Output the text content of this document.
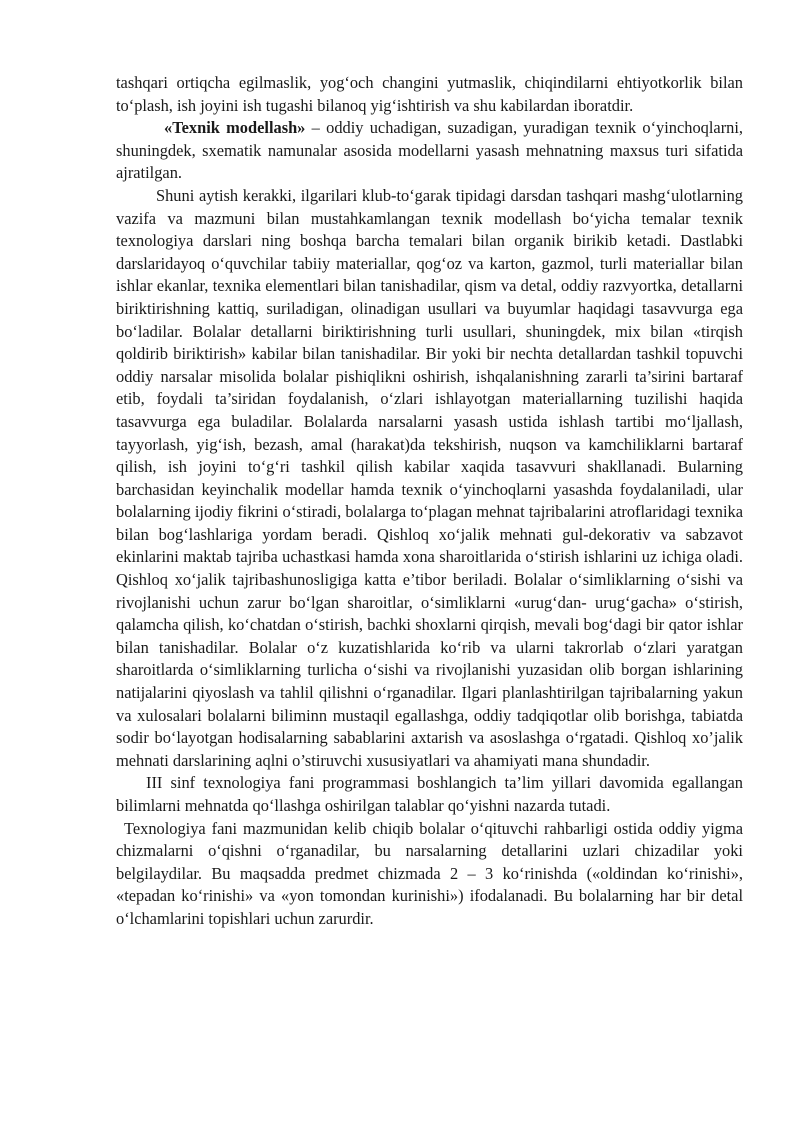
tashqari ortiqcha egilmaslik, yog‘och changini yutmaslik, chiqindilarni ehtiyotkorlik bilan to‘plash, ish joyini ish tugashi bilanoq yig‘ishtirish va shu kabilardan iboratdir.

«Texnik modellash» – oddiy uchadigan, suzadigan, yuradigan texnik o‘yinchoqlarni, shuningdek, sxematik namunalar asosida modellarni yasash mehnatning maxsus turi sifatida ajratilgan.

Shuni aytish kerakki, ilgarilari klub-to‘garak tipidagi darsdan tashqari mashg‘ulotlarning vazifa va mazmuni bilan mustahkamlangan texnik modellash bo‘yicha temalar texnik texnologiya darslari ning boshqa barcha temalari bilan organik birikib ketadi. Dastlabki darslaridayoq o‘quvchilar tabiiy materiallar, qog‘oz va karton, gazmol, turli materiallar bilan ishlar ekanlar, texnika elementlari bilan tanishadilar, qism va detal, oddiy razvyortka, detallarni biriktirishning kattiq, suriladigan, olinadigan usullari va buyumlar haqidagi tasavvurga ega bo‘ladilar. Bolalar detallarni biriktirishning turli usullari, shuningdek, mix bilan «tirqish qoldirib biriktirish» kabilar bilan tanishadilar. Bir yoki bir nechta detallardan tashkil topuvchi oddiy narsalar misolida bolalar pishiqlikni oshirish, ishqalanishning zararli ta’sirini bartaraf etib, foydali ta’siridan foydalanish, o‘zlari ishlayotgan materiallarning tuzilishi haqida tasavvurga ega buladilar. Bolalarda narsalarni yasash ustida ishlash tartibi mo‘ljallash, tayyorlash, yig‘ish, bezash, amal (harakat)da tekshirish, nuqson va kamchiliklarni bartaraf qilish, ish joyini to‘g‘ri tashkil qilish kabilar xaqida tasavvuri shakllanadi. Bularning barchasidan keyinchalik modellar hamda texnik o‘yinchoqlarni yasashda foydalaniladi, ular bolalarning ijodiy fikrini o‘stiradi, bolalarga to‘plagan mehnat tajribalarini atroflaridagi texnika bilan bog‘lashlariga yordam beradi. Qishloq xo‘jalik mehnati gul-dekorativ va sabzavot ekinlarini maktab tajriba uchastkasi hamda xona sharoitlarida o‘stirish ishlarini uz ichiga oladi. Qishloq xo‘jalik tajribashunosligiga katta e’tibor beriladi. Bolalar o‘simliklarning o‘sishi va rivojlanishi uchun zarur bo‘lgan sharoitlar, o‘simliklarni «urug‘dan- urug‘gacha» o‘stirish, qalamcha qilish, ko‘chatdan o‘stirish, bachki shoxlarni qirqish, mevali bog‘dagi bir qator ishlar bilan tanishadilar. Bolalar o‘z kuzatishlarida ko‘rib va ularni takrorlab o‘zlari yaratgan sharoitlarda o‘simliklarning turlicha o‘sishi va rivojlanishi yuzasidan olib borgan ishlarining natijalarini qiyoslash va tahlil qilishni o‘rganadilar. Ilgari planlashtirilgan tajribalarning yakun va xulosalari bolalarni biliminn mustaqil egallashga, oddiy tadqiqotlar olib borishga, tabiatda sodir bo‘layotgan hodisalarning sabablarini axtarish va asoslashga o‘rgatadi. Qishloq xo’jalik mehnati darslarining aqlni o’stiruvchi xususiyatlari va ahamiyati mana shundadir.

III sinf texnologiya fani programmasi boshlangich ta’lim yillari davomida egallangan bilimlarni mehnatda qo‘llashga oshirilgan talablar qo‘yishni nazarda tutadi.

Texnologiya fani mazmunidan kelib chiqib bolalar o‘qituvchi rahbarligi ostida oddiy yigma chizmalarni o‘qishni o‘rganadilar, bu narsalarning detallarini uzlari chizadilar yoki belgilaydilar. Bu maqsadda predmet chizmada 2 – 3 ko‘rinishda («oldindan ko‘rinishi», «tepadan ko‘rinishi» va «yon tomondan kurinishi») ifodalanadi. Bu bolalarning har bir detal o‘lchamlarini topishlari uchun zarurdir.
